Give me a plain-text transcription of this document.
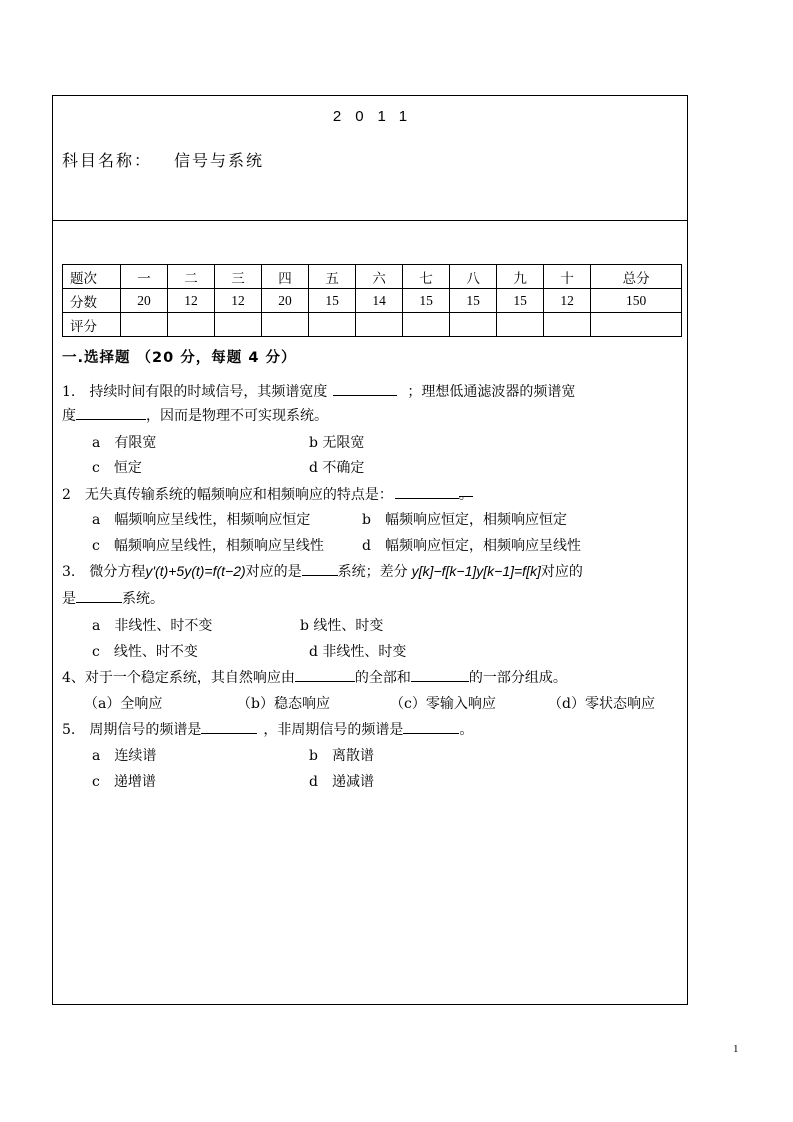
2011
科目名称： 信号与系统
题次	一	二	三	四	五	六	七	八	九	十	总分
分数	20	12	12	20	15	14	15	15	15	12	150
评分											
一.选择题 （20 分，每题 4 分）
1.　持续时间有限的时域信号，其频谱宽度	；理想低通滤波器的频谱宽
度	，因而是物理不可实现系统。
a　有限宽	b 无限宽
c　恒定	d 不确定
2　无失真传输系统的幅频响应和相频响应的特点是：	。
a　幅频响应呈线性，相频响应恒定	b　幅频响应恒定，相频响应恒定
c　幅频响应呈线性，相频响应呈线性	d　幅频响应恒定，相频响应呈线性
3.　微分方程y'(t)+5y(t)=f(t−2)对应的是	系统；差分 y[k]−f[k−1]y[k−1]=f[k]对应的
是	系统。
a　非线性、时不变	b 线性、时变
c　线性、时不变	d 非线性、时变
4、对于一个稳定系统，其自然响应由	的全部和	的一部分组成。
（a）全响应	（b）稳态响应	（c）零输入响应	（d）零状态响应
5.　周期信号的频谱是	，非周期信号的频谱是	。
a　连续谱	b　离散谱
c　递增谱	d　递减谱
1
